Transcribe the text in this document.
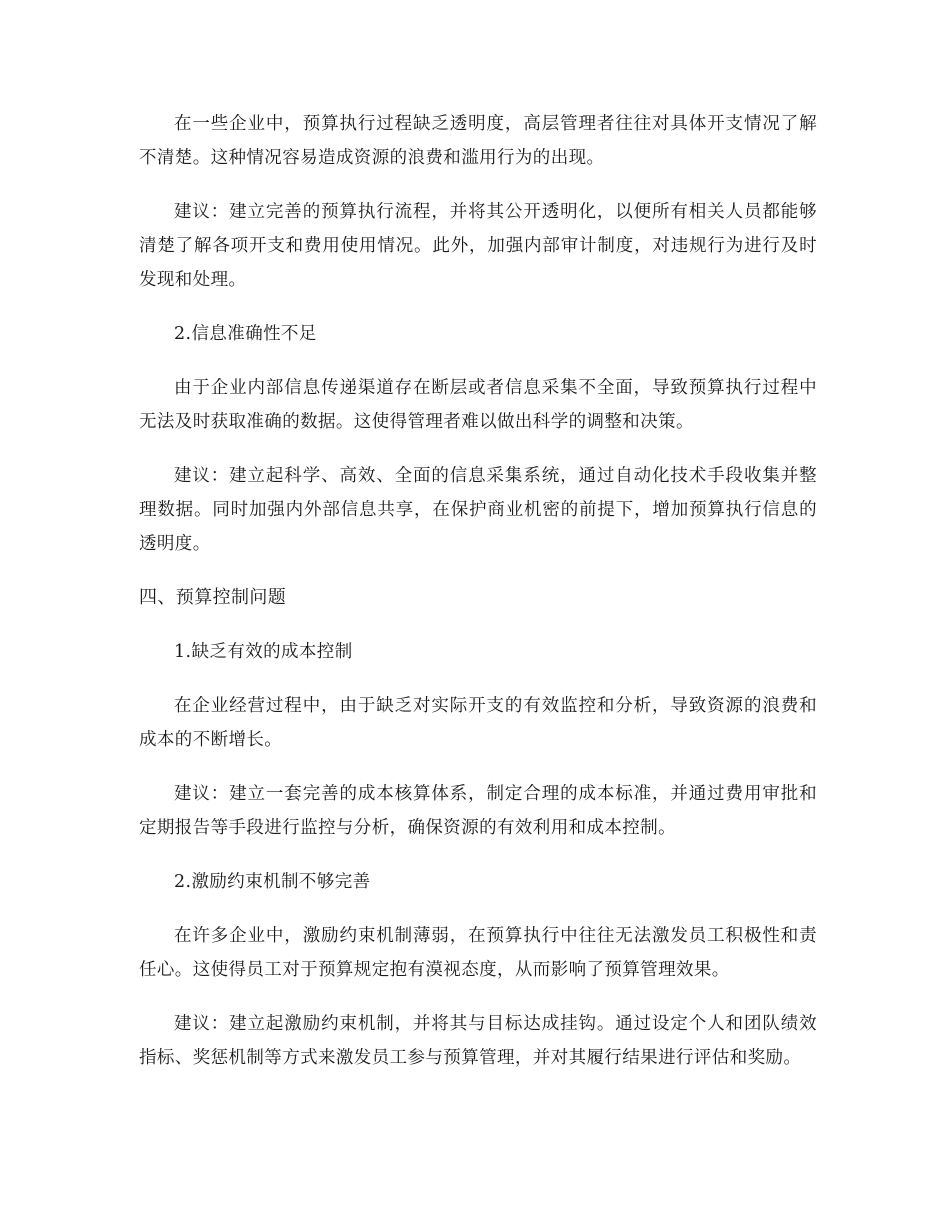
在一些企业中，预算执行过程缺乏透明度，高层管理者往往对具体开支情况了解不清楚。这种情况容易造成资源的浪费和滥用行为的出现。

建议：建立完善的预算执行流程，并将其公开透明化，以便所有相关人员都能够清楚了解各项开支和费用使用情况。此外，加强内部审计制度，对违规行为进行及时发现和处理。

2.信息准确性不足

由于企业内部信息传递渠道存在断层或者信息采集不全面，导致预算执行过程中无法及时获取准确的数据。这使得管理者难以做出科学的调整和决策。

建议：建立起科学、高效、全面的信息采集系统，通过自动化技术手段收集并整理数据。同时加强内外部信息共享，在保护商业机密的前提下，增加预算执行信息的透明度。

四、预算控制问题

1.缺乏有效的成本控制

在企业经营过程中，由于缺乏对实际开支的有效监控和分析，导致资源的浪费和成本的不断增长。

建议：建立一套完善的成本核算体系，制定合理的成本标准，并通过费用审批和定期报告等手段进行监控与分析，确保资源的有效利用和成本控制。

2.激励约束机制不够完善

在许多企业中，激励约束机制薄弱，在预算执行中往往无法激发员工积极性和责任心。这使得员工对于预算规定抱有漠视态度，从而影响了预算管理效果。

建议：建立起激励约束机制，并将其与目标达成挂钩。通过设定个人和团队绩效指标、奖惩机制等方式来激发员工参与预算管理，并对其履行结果进行评估和奖励。
